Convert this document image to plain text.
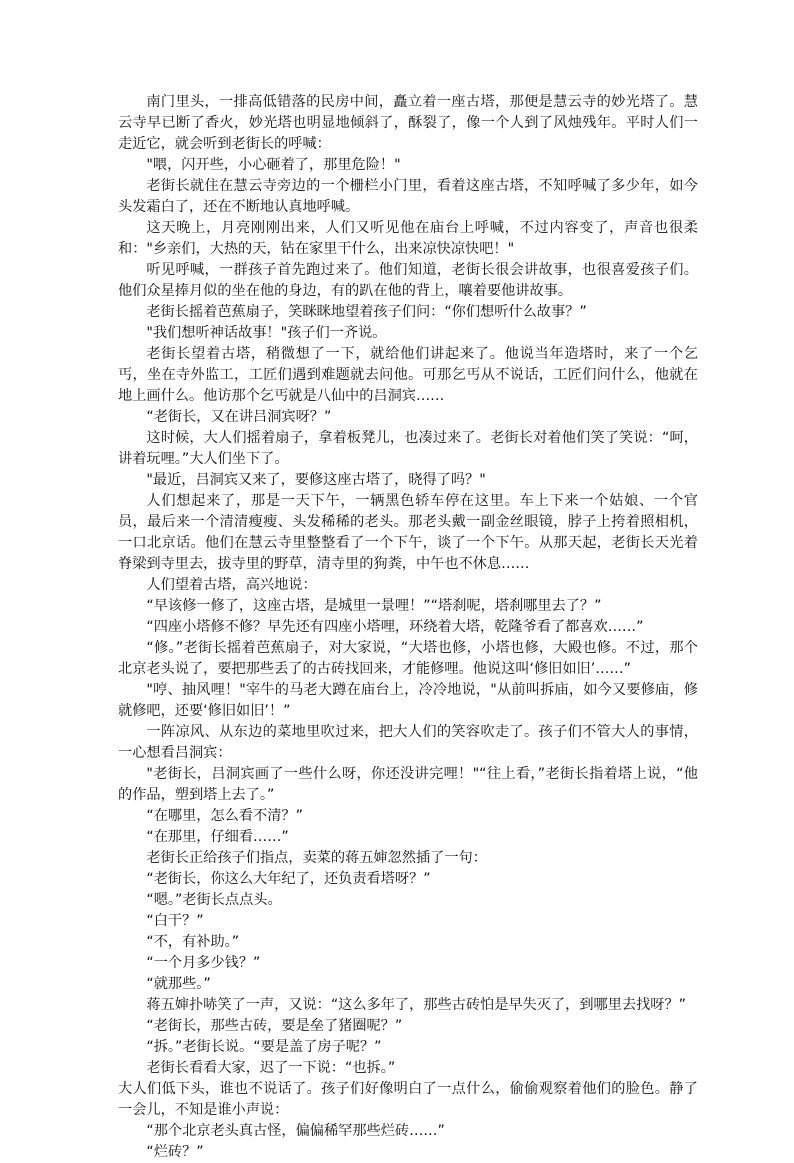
南门里头，一排高低错落的民房中间，矗立着一座古塔，那便是慧云寺的妙光塔了。慧云寺早已断了香火，妙光塔也明显地倾斜了，酥裂了，像一个人到了风烛残年。平时人们一走近它，就会听到老街长的呼喊：

"喂，闪开些，小心砸着了，那里危险！"

老街长就住在慧云寺旁边的一个栅栏小门里，看着这座古塔，不知呼喊了多少年，如今头发霜白了，还在不断地认真地呼喊。

这天晚上，月亮刚刚出来，人们又听见他在庙台上呼喊，不过内容变了，声音也很柔和："乡亲们，大热的天，钻在家里干什么，出来凉快凉快吧！"

听见呼喊，一群孩子首先跑过来了。他们知道，老街长很会讲故事，也很喜爱孩子们。他们众星捧月似的坐在他的身边，有的趴在他的背上，嚷着要他讲故事。

老街长摇着芭蕉扇子，笑眯眯地望着孩子们问：“你们想听什么故事？”

"我们想听神话故事！"孩子们一齐说。

老街长望着古塔，稍微想了一下，就给他们讲起来了。他说当年造塔时，来了一个乞丐，坐在寺外监工，工匠们遇到难题就去问他。可那乞丐从不说话，工匠们问什么，他就在地上画什么。他访那个乞丐就是八仙中的吕洞宾……

“老街长，又在讲吕洞宾呀？”

这时候，大人们摇着扇子，拿着板凳儿，也凑过来了。老街长对着他们笑了笑说：“呵，讲着玩哩。”大人们坐下了。

"最近，吕洞宾又来了，要修这座古塔了，晓得了吗？"

人们想起来了，那是一天下午，一辆黑色轿车停在这里。车上下来一个姑娘、一个官员，最后来一个清清瘦瘦、头发稀稀的老头。那老头戴一副金丝眼镜，脖子上挎着照相机，一口北京话。他们在慧云寺里整整看了一个下午，谈了一个下午。从那天起，老街长天光着脊梁到寺里去，拔寺里的野草，清寺里的狗粪，中午也不休息……

人们望着古塔，高兴地说：

“早该修一修了，这座古塔，是城里一景哩！”“塔刹呢，塔刹哪里去了？”

“四座小塔修不修？早先还有四座小塔哩，环绕着大塔，乾隆爷看了都喜欢……”

“修。”老街长摇着芭蕉扇子，对大家说，“大塔也修，小塔也修，大殿也修。不过，那个北京老头说了，要把那些丢了的古砖找回来，才能修哩。他说这叫‘修旧如旧’……”

"哼、抽风哩！"宰牛的马老大蹲在庙台上，冷冷地说，"从前叫拆庙，如今又要修庙，修就修吧，还要‘修旧如旧’！”

一阵凉风、从东边的菜地里吹过来，把大人们的笑容吹走了。孩子们不管大人的事情，一心想看吕洞宾：

"老街长，吕洞宾画了一些什么呀，你还没讲完哩！"“往上看，”老街长指着塔上说，“他的作品，塑到塔上去了。”

“在哪里，怎么看不清？”

“在那里，仔细看……”

老街长正给孩子们指点，卖菜的蒋五婶忽然插了一句：

“老街长，你这么大年纪了，还负责看塔呀？”

“嗯。”老街长点点头。

“白干？”

“不，有补助。”

“一个月多少钱？”

“就那些。”

蒋五婶扑哧笑了一声，又说：“这么多年了，那些古砖怕是早失灭了，到哪里去找呀？”

“老街长，那些古砖，要是垒了猪圈呢？”

“拆。”老街长说。“要是盖了房子呢？”

老街长看看大家，迟了一下说：“也拆。”

大人们低下头，谁也不说话了。孩子们好像明白了一点什么，偷偷观察着他们的脸色。静了一会儿，不知是谁小声说：

“那个北京老头真古怪，偏偏稀罕那些烂砖……”

“烂砖？”
